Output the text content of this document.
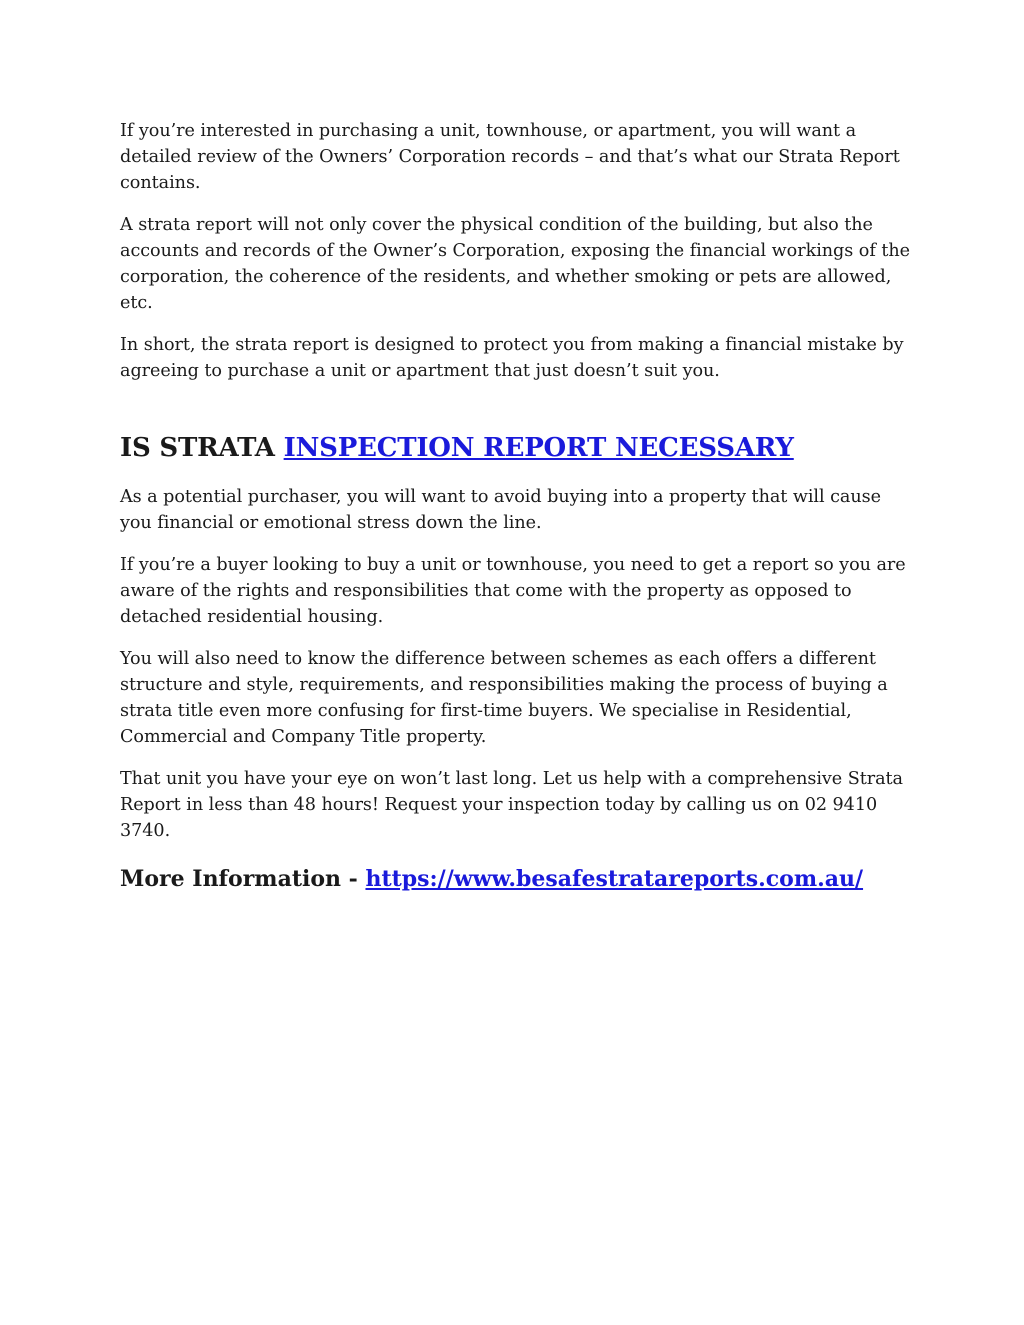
If you’re interested in purchasing a unit, townhouse, or apartment, you will want a detailed review of the Owners’ Corporation records – and that’s what our Strata Report contains.

A strata report will not only cover the physical condition of the building, but also the accounts and records of the Owner’s Corporation, exposing the financial workings of the corporation, the coherence of the residents, and whether smoking or pets are allowed, etc.

In short, the strata report is designed to protect you from making a financial mistake by agreeing to purchase a unit or apartment that just doesn’t suit you.

IS STRATA INSPECTION REPORT NECESSARY

As a potential purchaser, you will want to avoid buying into a property that will cause you financial or emotional stress down the line.

If you’re a buyer looking to buy a unit or townhouse, you need to get a report so you are aware of the rights and responsibilities that come with the property as opposed to detached residential housing.

You will also need to know the difference between schemes as each offers a different structure and style, requirements, and responsibilities making the process of buying a strata title even more confusing for first-time buyers. We specialise in Residential, Commercial and Company Title property.

That unit you have your eye on won’t last long. Let us help with a comprehensive Strata Report in less than 48 hours! Request your inspection today by calling us on 02 9410 3740.

More Information - https://www.besafestratareports.com.au/
